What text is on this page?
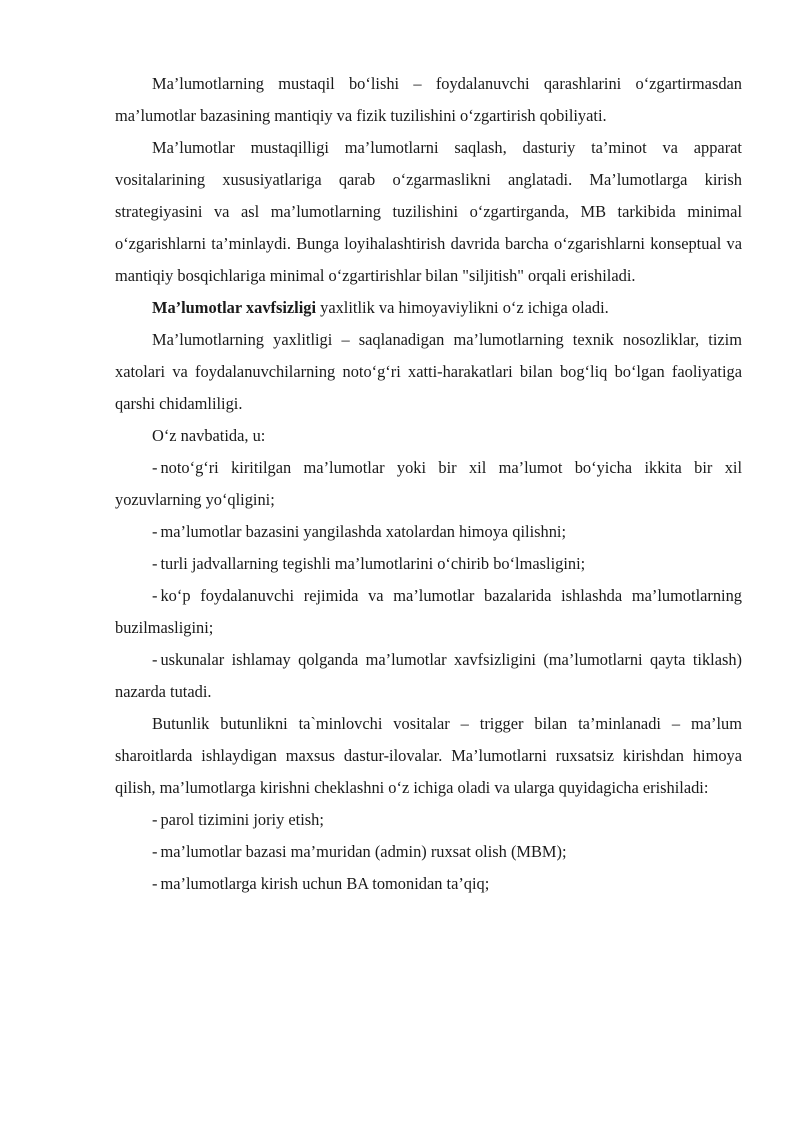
Ma’lumotlarning mustaqil bo‘lishi – foydalanuvchi qarashlarini o‘zgartirmasdan ma’lumotlar bazasining mantiqiy va fizik tuzilishini o‘zgartirish qobiliyati.

Ma’lumotlar mustaqilligi ma’lumotlarni saqlash, dasturiy ta’minot va apparat vositalarining xususiyatlariga qarab o‘zgarmaslikni anglatadi. Ma’lumotlarga kirish strategiyasini va asl ma’lumotlarning tuzilishini o‘zgartirganda, MB tarkibida minimal o‘zgarishlarni ta’minlaydi. Bunga loyihalashtirish davrida barcha o‘zgarishlarni konseptual va mantiqiy bosqichlariga minimal o‘zgartirishlar bilan "siljitish" orqali erishiladi.

Ma’lumotlar xavfsizligi yaxlitlik va himoyaviylikni o‘z ichiga oladi.

Ma’lumotlarning yaxlitligi – saqlanadigan ma’lumotlarning texnik nosozliklar, tizim xatolari va foydalanuvchilarning noto‘g‘ri xatti-harakatlari bilan bog‘liq bo‘lgan faoliyatiga qarshi chidamliligi.

O‘z navbatida, u:

- noto‘g‘ri kiritilgan ma’lumotlar yoki bir xil ma’lumot bo‘yicha ikkita bir xil yozuvlarning yo‘qligini;

- ma’lumotlar bazasini yangilashda xatolardan himoya qilishni;

- turli jadvallarning tegishli ma’lumotlarini o‘chirib bo‘lmasligini;

- ko‘p foydalanuvchi rejimida va ma’lumotlar bazalarida ishlashda ma’lumotlarning buzilmasligini;

- uskunalar ishlamay qolganda ma’lumotlar xavfsizligini (ma’lumotlarni qayta tiklash) nazarda tutadi.

Butunlik butunlikni ta`minlovchi vositalar – trigger bilan ta’minlanadi – ma’lum sharoitlarda ishlaydigan maxsus dastur-ilovalar. Ma’lumotlarni ruxsatsiz kirishdan himoya qilish, ma’lumotlarga kirishni cheklashni o‘z ichiga oladi va ularga quyidagicha erishiladi:

- parol tizimini joriy etish;

- ma’lumotlar bazasi ma’muridan (admin) ruxsat olish (MBM);

- ma’lumotlarga kirish uchun BA tomonidan ta’qiq;
